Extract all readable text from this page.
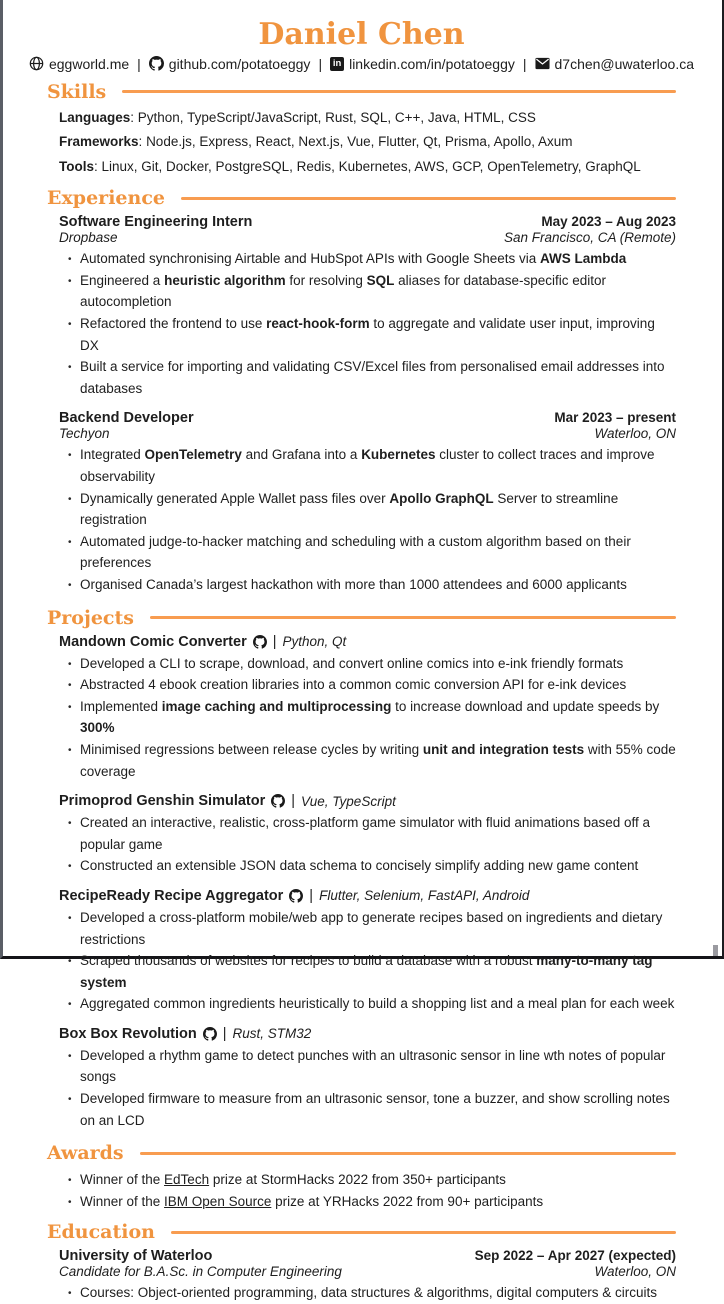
Daniel Chen
eggworld.me | github.com/potatoeggy | in linkedin.com/in/potatoeggy | d7chen@uwaterloo.ca
Skills

Languages: Python, TypeScript/JavaScript, Rust, SQL, C++, Java, HTML, CSS

Frameworks: Node.js, Express, React, Next.js, Vue, Flutter, Qt, Prisma, Apollo, Axum

Tools: Linux, Git, Docker, PostgreSQL, Redis, Kubernetes, AWS, GCP, OpenTelemetry, GraphQL

Experience
Software Engineering Intern	May 2023 – Aug 2023
Dropbase	San Francisco, CA (Remote)
• Automated synchronising Airtable and HubSpot APIs with Google Sheets via AWS Lambda
• Engineered a heuristic algorithm for resolving SQL aliases for database-specific editor autocompletion
• Refactored the frontend to use react-hook-form to aggregate and validate user input, improving DX
• Built a service for importing and validating CSV/Excel files from personalised email addresses into databases
Backend Developer	Mar 2023 – present
Techyon	Waterloo, ON
• Integrated OpenTelemetry and Grafana into a Kubernetes cluster to collect traces and improve observability
• Dynamically generated Apple Wallet pass files over Apollo GraphQL Server to streamline registration
• Automated judge-to-hacker matching and scheduling with a custom algorithm based on their preferences
• Organised Canada’s largest hackathon with more than 1000 attendees and 6000 applicants
Projects
Mandown Comic Converter | Python, Qt
• Developed a CLI to scrape, download, and convert online comics into e-ink friendly formats
• Abstracted 4 ebook creation libraries into a common comic conversion API for e-ink devices
• Implemented image caching and multiprocessing to increase download and update speeds by 300%
• Minimised regressions between release cycles by writing unit and integration tests with 55% code coverage
Primoprod Genshin Simulator | Vue, TypeScript
• Created an interactive, realistic, cross-platform game simulator with fluid animations based off a popular game
• Constructed an extensible JSON data schema to concisely simplify adding new game content
RecipeReady Recipe Aggregator | Flutter, Selenium, FastAPI, Android
• Developed a cross-platform mobile/web app to generate recipes based on ingredients and dietary restrictions
• Scraped thousands of websites for recipes to build a database with a robust many-to-many tag system
• Aggregated common ingredients heuristically to build a shopping list and a meal plan for each week
Box Box Revolution | Rust, STM32
• Developed a rhythm game to detect punches with an ultrasonic sensor in line wth notes of popular songs
• Developed firmware to measure from an ultrasonic sensor, tone a buzzer, and show scrolling notes on an LCD
Awards
• Winner of the EdTech prize at StormHacks 2022 from 350+ participants
• Winner of the IBM Open Source prize at YRHacks 2022 from 90+ participants
Education
University of Waterloo	Sep 2022 – Apr 2027 (expected)
Candidate for B.A.Sc. in Computer Engineering	Waterloo, ON
• Courses: Object-oriented programming, data structures & algorithms, digital computers & circuits
